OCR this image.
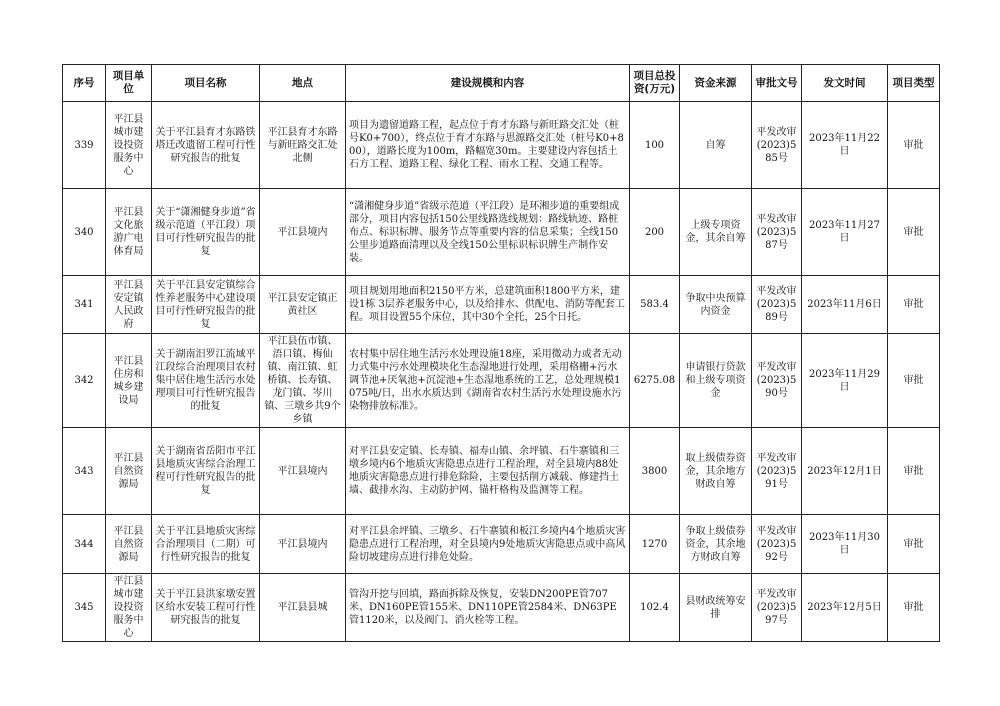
序号	项目单位	项目名称	地点	建设规模和内容	项目总投资(万元)	资金来源	审批文号	发文时间	项目类型
339	平江县城市建设投资服务中心	关于平江县育才东路铁塔迁改遗留工程可行性研究报告的批复	平江县育才东路与新旺路交汇处北侧	项目为遗留道路工程，起点位于育才东路与新旺路交汇处（桩号K0+700），终点位于育才东路与思源路交汇处（桩号K0+800），道路长度为100m，路幅宽30m。主要建设内容包括土石方工程、道路工程、绿化工程、雨水工程、交通工程等。	100	自筹	平发改审(2023)585号	2023年11月22日	审批
340	平江县文化旅游广电体育局	关于“潇湘健身步道”省级示范道（平江段）项目可行性研究报告的批复	平江县境内	“潇湘健身步道”省级示范道（平江段）是环湘步道的重要组成部分，项目内容包括150公里线路选线规划：路线轨迹、路桩布点、标识标牌、服务节点等重要内容的信息采集；全线150公里步道路面清理以及全线150公里标识标识牌生产制作安装。	200	上级专项资金，其余自筹	平发改审(2023)587号	2023年11月27日	审批
341	平江县安定镇人民政府	关于平江县安定镇综合性养老服务中心建设项目可行性研究报告的批复	平江县安定镇正黄社区	项目规划用地面积2150平方米，总建筑面积1800平方米，建设1栋 3层养老服务中心，以及给排水、供配电、消防等配套工程。项目设置55个床位，其中30个全托，25个日托。	583.4	争取中央预算内资金	平发改审(2023)589号	2023年11月6日	审批
342	平江县住房和城乡建设局	关于湖南汨罗江流域平江段综合治理项目农村集中居住地生活污水处理项目可行性研究报告的批复	平江县伍市镇、浯口镇、梅仙镇、南江镇、虹桥镇、长寿镇、龙门镇、岑川镇、三墩乡共9个乡镇	农村集中居住地生活污水处理设施18座，采用微动力或者无动力式集中污水处理模块化生态湿地进行处理，采用格栅+污水调节池+厌氧池+沉淀池+生态湿地系统的工艺，总处理规模1075吨/日，出水水质达到《湖南省农村生活污水处理设施水污染物排放标准》。	6275.08	申请银行贷款和上级专项资金	平发改审(2023)590号	2023年11月29日	审批
343	平江县自然资源局	关于湖南省岳阳市平江县地质灾害综合治理工程可行性研究报告的批复	平江县境内	对平江县安定镇、长寿镇、福寿山镇、余坪镇、石牛寨镇和三墩乡境内6个地质灾害隐患点进行工程治理，对全县境内88处地质灾害隐患点进行排危除险，主要包括削方减载、修建挡土墙、截排水沟、主动防护网、锚杆格构及监测等工程。	3800	取上级债券资金，其余地方财政自筹	平发改审(2023)591号	2023年12月1日	审批
344	平江县自然资源局	关于平江县地质灾害综合治理项目（二期）可行性研究报告的批复	平江县境内	对平江县余坪镇、三墩乡、石牛寨镇和板江乡境内4个地质灾害隐患点进行工程治理，对全县境内9处地质灾害隐患点或中高风险切坡建房点进行排危处险。	1270	争取上级债券资金，其余地方财政自筹	平发改审(2023)592号	2023年11月30日	审批
345	平江县城市建设投资服务中心	关于平江县洪家墩安置区给水安装工程可行性研究报告的批复	平江县县城	管沟开挖与回填，路面拆除及恢复，安装DN200PE管707米、DN160PE管155米、DN110PE管2584米、DN63PE管1120米，以及阀门、消火栓等工程。	102.4	县财政统筹安排	平发改审(2023)597号	2023年12月5日	审批
